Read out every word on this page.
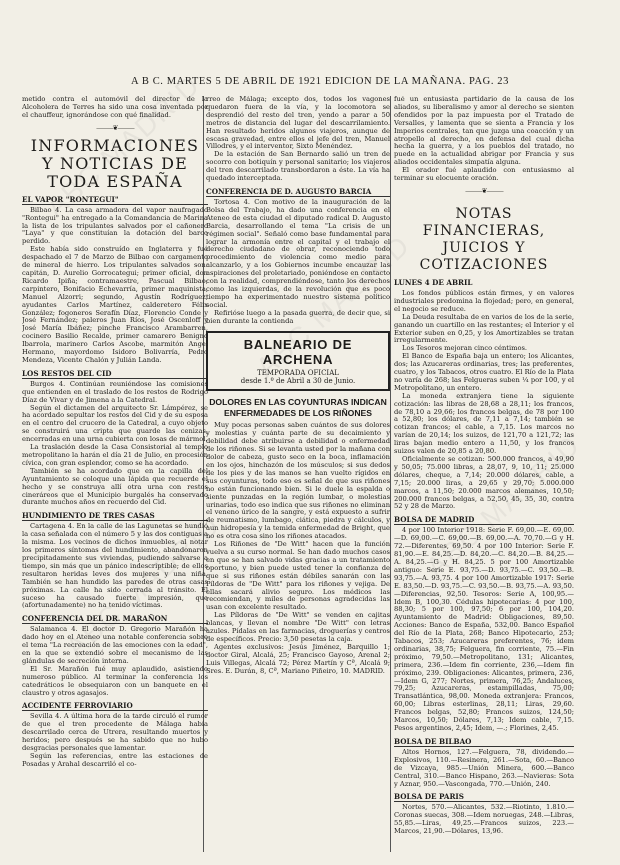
A B C. MARTES 5 DE ABRIL DE 1921 EDICION DE LA MAÑANA. PAG. 23

metido contra el automóvil del director de la Alcoholera de Terres ha sido una cosa inventada por el chauffeur, ignorándose con qué finalidad.

⸻❦⸻
INFORMACIONES Y NOTICIAS DE TODA ESPAÑA
EL VAPOR "RONTEGUI"

Bilbao 4. La casa armadora del vapor naufragado "Rontegui" ha entregado a la Comandancia de Marina la lista de los tripulantes salvados por el cañonero "Laya" y que constituían la dotación del barco perdido.

Este había sido construído en Inglaterra y fué despachado el 7 de Marzo de Bilbao con cargamento de mineral de hierro. Los tripulantes salvados son: capitán, D. Aurelio Gorrocategui; primer oficial, don Ricardo Ipiña; contramaestre, Pascual Bilbao; carpintero, Bonifacio Echevarría, primer maquinista, Manuel Alzorri; segundo, Agustín Rodríguez; ayudantes Carlos Martínez, calderetero Félix González; fogoneros Serafín Díaz, Florencio Conde y José Fernández; paleros Juan Ríos, José Oscenloff y José María Ibáñez; pinche Francisco Arambarren, cocinero Basilio Recalde, primer camarero Benigno Ibarrola, marinero Carlos Ascobe, marmitón Angel Hermano, mayordomo Isidoro Bolivarría, Pedro Mendeza, Vicente Chalón y Julián Landa.

LOS RESTOS DEL CID

Burgos 4. Continúan reuniéndose las comisiones que entienden en el traslado de los restos de Rodrigo Díaz de Vivar y de Jimena a la Catedral.

Según el dictamen del arquitecto Sr. Lámpérez, se ha acordado sepultar los restos del Cid y de su esposa en el centro del crucero de la Catedral, a cuyo objeto se construirá una cripta que guarde las cenizas, encerradas en una urna cubierta con losas de mármol.

La traslación desde la Casa Consistorial al templo metropolitano la harán el día 21 de Julio, en procesión cívica, con gran esplendor, como se ha acordado.

También se ha acordado que en la capilla del Ayuntamiento se coloque una lápida que recuerde el hecho y se construya allí otra urna con restos cineráreos que el Municipio burgalés ha conservado durante muchos años en recuerdo del Cid.

HUNDIMIENTO DE TRES CASAS

Cartagena 4. En la calle de las Lagunetas se hundió la casa señalada con el número 5 y las dos contiguas a la misma. Los vecinos de dichos inmuebles, al notar los primeros síntomas del hundimiento, abandonaron precipitadamente sus viviendas, pudiendo salvarse a tiempo, sin más que un pánico indescriptible; de ellos resultaron heridas leves dos mujeres y una niña. También se han hundido las paredes de otras casas próximas. La calle ha sido cerrada al tránsito. El suceso ha causado fuerte impresión, que (afortunadamente) no ha tenido víctimas.

CONFERENCIA DEL DR. MARAÑON

Salamanca 4. El doctor D. Gregorio Marañón ha dado hoy en el Ateneo una notable conferencia sobre el tema "La recreación de las emociones con la edad", en la que se extendió sobre el mecanismo de las glándulas de secreción interna.

El Sr. Marañón fué muy aplaudido, asistiendo numeroso público. Al terminar la conferencia los catedráticos le obsequiaron con un banquete en el claustro y otros agasajos.

ACCIDENTE FERROVIARIO

Sevilla 4. A última hora de la tarde circuló el rumor de que el tren procedente de Málaga había descarrilado cerca de Utrera, resultando muertos y heridos; pero después se ha sabido que no hubo desgracias personales que lamentar.

Según las referencias, entre las estaciones de Posadas y Arahal descarriló el co-

rreo de Málaga; excepto dos, todos los vagones quedaron fuera de la vía, y la locomotora se desprendió del resto del tren, yendo a parar a 50 metros de distancia del lugar del descarrilamiento. Han resultado heridos algunos viajeros, aunque de escasa gravedad, entre ellos el jefe del tren, Manuel Villodres, y el interventor, Sixto Menéndez.

De la estación de San Bernardo salió un tren de socorro con botiquín y personal sanitario; los viajeros del tren descarrilado transbordaron a éste. La vía ha quedado interceptada.

CONFERENCIA DE D. AUGUSTO BARCIA

Tortosa 4. Con motivo de la inauguración de la Bolsa del Trabajo, ha dado una conferencia en el Ateneo de esta ciudad el diputado radical D. Augusto Barcia, desarrollando el tema "La crisis de un régimen social". Señaló como base fundamental para lograr la armonía entre el capital y el trabajo el derecho ciudadano de obrar, reconociendo todo procedimiento de violencia como medio para alcanzarlo, y a los Gobiernos incumbe encauzar las aspiraciones del proletariado, poniéndose en contacto con la realidad, comprendiéndose, tanto los derechos como las izquierdas, de la revolución que es poco tiempo ha experimentado nuestro sistema político social.

Refirióse luego a la pasada guerra, de decir que, si bien durante la contienda

BALNEARIO DE ARCHENA
TEMPORADA OFICIAL
desde 1.º de Abril a 30 de Junio.
DOLORES EN LAS COYUNTURAS INDICAN ENFERMEDADES DE LOS RIÑONES

Muy pocas personas saben cuántos de sus dolores y molestias y cuánta parte de su decaimiento y debilidad debe atribuirse a debilidad o enfermedad de los riñones. Si se levanta usted por la mañana con dolor de cabeza, gusto seco en la boca, inflamación en los ojos, hinchazón de los músculos; si sus dedos de los pies y de las manos se han vuelto rígidos en sus coyunturas, todo eso es señal de que sus riñones no están funcionando bien. Si le duele la espalda o siente punzadas en la región lumbar, o molestias urinarias, todo eso indica que sus riñones no eliminan el veneno úrico de la sangre, y está expuesto a sufrir de reumatismo, lumbago, ciática, piedra y cálculos, y aun hidropesía y la temida enfermedad de Bright, que no es otra cosa sino los riñones atacados.

Los Riñones de "De Witt" hacen que la función vuelva a su curso normal. Se han dado muchos casos en que se han salvado vidas gracias a un tratamiento oportuno, y bien puede usted tener la confianza de que si sus riñones están débiles sanarán con las Píldoras de "De Witt" para los riñones y vejiga. De ellas sacará alivio seguro. Los médicos las recomiendan, y miles de personas agradecidas las usan con excelente resultado.

Las Píldoras de "De Witt" se venden en cajitas blancas, y llevan el nombre "De Witt" con letras azules. Pídalas en las farmacias, droguerías y centros de específicos. Precio: 3,50 pesetas la caja.

Agentes exclusivos: Jesús Jiménez, Barquillo 1; doctor Giral, Alcalá, 25; Francisco Gayoso, Arenal 2; Luis Villegas, Alcalá 72; Pérez Martín y Cª, Alcalá 9; Sres. E. Durán, 8, Cª, Mariano Piñeiro, 10. MADRID.

fué un entusiasta partidario de la causa de los aliados, su liberalismo y amor al derecho se sienten ofendidos por la paz impuesta por el Tratado de Versalles, y lamenta que se sienta a Francia y los Imperios centrales, tan que juzga una coacción y un atropello al derecho, en defensa del cual dicha hecha la guerra, y a los pueblos del tratado, no puede en la actualidad abrigar por Francia y sus aliados occidentales simpatía alguna.

El orador fué aplaudido con entusiasmo al terminar su elocuente oración.

⸻❦⸻
NOTAS FINANCIERAS, JUICIOS Y COTIZACIONES
LUNES 4 DE ABRIL

Los fondos públicos están firmes, y en valores industriales predomina la flojedad; pero, en general, el negocio se reduce.

La Deuda resultaba de en varios de los de la serie, ganando un cuartillo en las restantes; el Interior y el Exterior suben en 0,25, y los Amortizables se tratan irregularmente.

Los Tesoros mejoran cinco céntimos.

El Banco de España baja un entero; los Alicantes, dos; las Azucareras ordinarias, tres; las preferentes, cuatro, y los Tabacos, otros cuatro. El Río de la Plata no varía de 268; las Felgueras suben ¼ por 100, y el Metropolitano, un entero.

La moneda extranjera tiene la siguiente cotización: las libras de 28,68 a 28,11; los francos, de 78,10 a 29,66; los francos belgas, de 78 por 100 a 52,80; los dólares, de 7,11 a 7,14; también se cotizan francos; el cable, a 7,15. Los marcos no varían de 20,14; los suizos, de 121,70 a 121,72; las liras bajan medio entero a 11,50, y los francos suizos valen de 20,85 a 20,80.

Oficialmente se cotizan: 500.000 francos, a 49,90 y 50,05; 75.000 libras, a 28,07, 9, 10, 11; 25.000 dólares, cheque, a 7,14; 20.000 dólares, cable, a 7,15; 20.000 liras, a 29,65 y 29,70; 5.000.000 marcos, a 11,50; 20.000 marcos alemanes, 10,50; 200.000 francos belgas, a 52,50, 45, 35, 30, contra 52 y 28 de Marzo.

BOLSA DE MADRID

4 por 100 Interior 1918: Serie F. 69,00.—E. 69,00.—D. 69,00.—C. 69,00.—B. 69,00.—A. 70,70.—G y H. 72.—Diferentes, 69,50. 4 por 100 Interior: Serie F. 81,90.—E. 84,25.—D. 84,20.—C. 84,20.—B. 84,25.—A. 84,25.—G y H. 84,25. 5 por 100 Amortizable antiguo: Serie E. 93,75.—D. 93,75.—C. 93,50.—B. 93,75.—A. 93,75. 4 por 100 Amortizable 1917: Serie E. 83,50.—D. 93,75.—C. 93,50.—B. 93,75.—A. 93,50.—Diferencias, 92,50. Tesoros: Serie A, 100,95.—Idem B, 100,30. Cédulas hipotecarias: 4 por 100, 88,30; 5 por 100, 97,50; 6 por 100, 104,20. Ayuntamiento de Madrid: Obligaciones, 89,50. Acciones: Banco de España, 532,00. Banco Español del Río de la Plata, 268; Banco Hipotecario, 253; Tabacos, 253; Azucareras preferentes, 76; idem ordinarias, 38,75; Felguera, fin corriente, 75.—Fin próximo, 79,50.—Metropolitano, 131; Alicantes, primera, 236.—Idem fin corriente, 236,—Idem fin próximo, 239. Obligaciones: Alicantes, primera, 236,—Idem G, 277; Nortes, primera, 76,25; Andaluces, 79,25; Azucareras, estampilladas, 75,00; Transatlántica, 98,00. Moneda extranjera: Francos, 60,00; Libras esterlinas, 28,11; Liras, 29,60. Francos belgas, 52,80; Francos suizos, 124,50; Marcos, 10,50; Dólares, 7,13; Idem cable, 7,15. Pesos argentinos, 2,45; Idem, —.; Florines, 2,45.

BOLSA DE BILBAO

Altos Hornos, 127.—Felguera, 78, dividendo.—Explosivos, 110.—Resinera, 261.—Sota, 60.—Banco de Vizcaya, 985.—Unión Minera, 600.—Banco Central, 310.—Banco Hispano, 263.—Navieras: Sota y Aznar, 950.—Vascongada, 770.—Unión, 240.

BOLSA DE PARIS

Nortes, 570.—Alicantes, 532.—Riotinto, 1.810.—Coronas suecas, 308.—Idem noruegas, 248.—Libras, 55,85.—Liras, 49,25.—Francos suizos, 223.—Marcos, 21,90.—Dólares, 13,96.
